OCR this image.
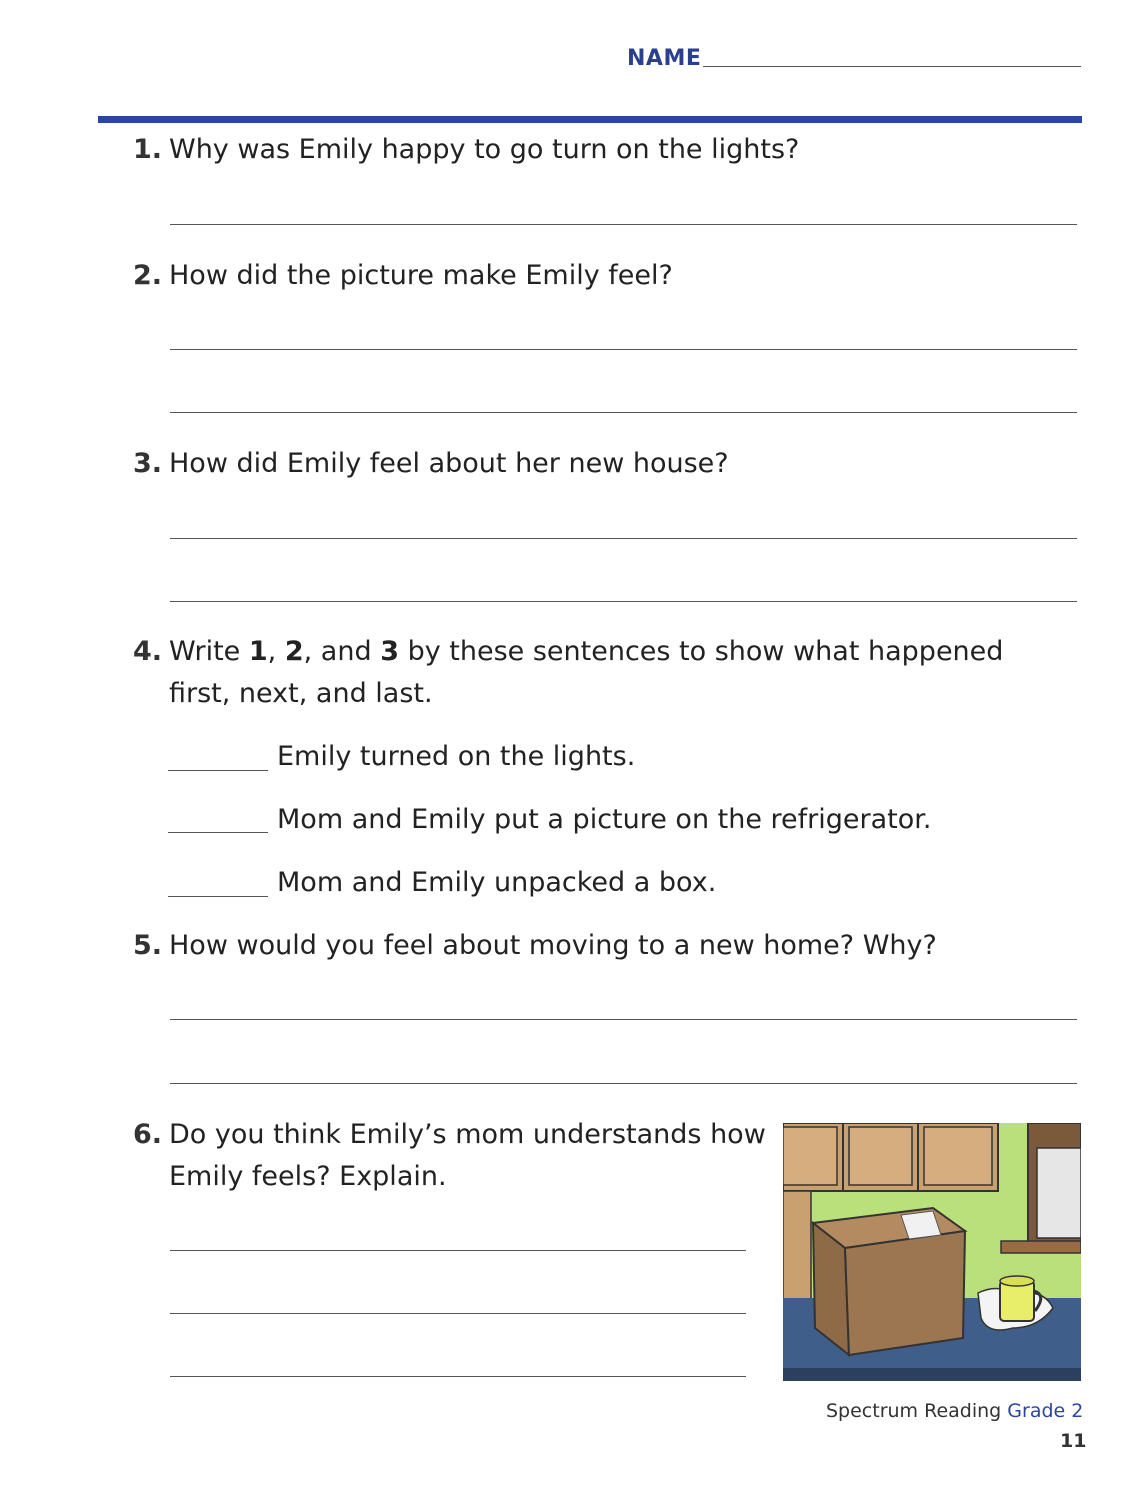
NAME
1. Why was Emily happy to go turn on the lights?
2. How did the picture make Emily feel?
3. How did Emily feel about her new house?
4. Write 1, 2, and 3 by these sentences to show what happened
first, next, and last.
Emily turned on the lights.
Mom and Emily put a picture on the refrigerator.
Mom and Emily unpacked a box.
5. How would you feel about moving to a new home? Why?
6. Do you think Emily’s mom understands how
Emily feels? Explain.
Spectrum Reading Grade 2
11
